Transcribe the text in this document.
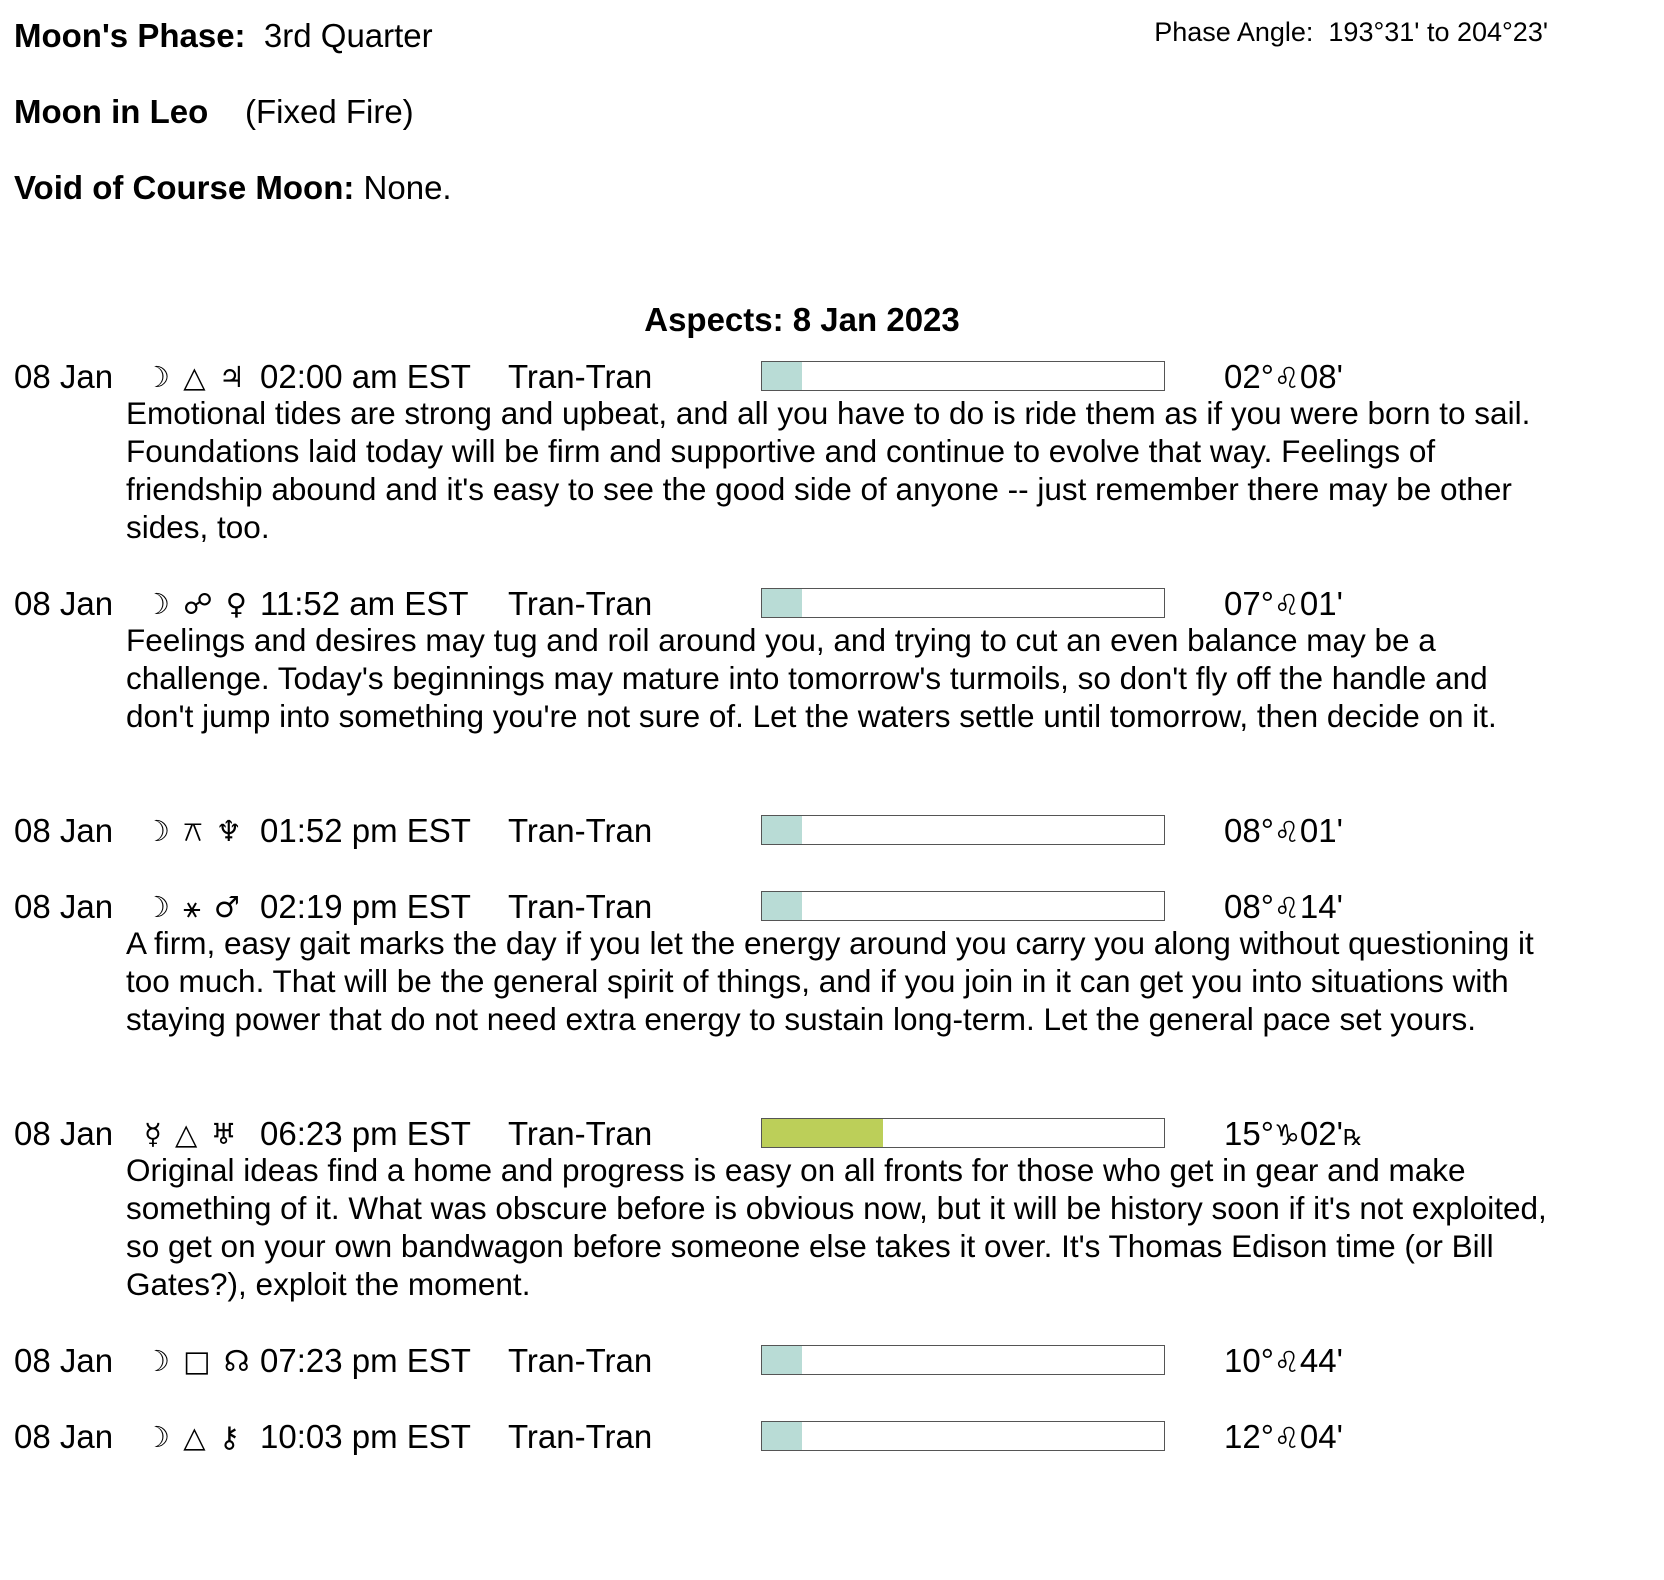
Moon's Phase: 3rd Quarter	Phase Angle: 193°31' to 204°23'
Moon in Leo (Fixed Fire)
Void of Course Moon: None.
Aspects: 8 Jan 2023
08 Jan ☽ △ ♃ 02:00 am EST Tran-Tran	02°♌08'
Emotional tides are strong and upbeat, and all you have to do is ride them as if you were born to sail. Foundations laid today will be firm and supportive and continue to evolve that way. Feelings of friendship abound and it's easy to see the good side of anyone -- just remember there may be other sides, too.
08 Jan ☽ ☍ ♀ 11:52 am EST Tran-Tran	07°♌01'
Feelings and desires may tug and roil around you, and trying to cut an even balance may be a challenge. Today's beginnings may mature into tomorrow's turmoils, so don't fly off the handle and don't jump into something you're not sure of. Let the waters settle until tomorrow, then decide on it.
08 Jan ☽ ⚻ ♆ 01:52 pm EST Tran-Tran	08°♌01'
08 Jan ☽ ⚹ ♂ 02:19 pm EST Tran-Tran	08°♌14'
A firm, easy gait marks the day if you let the energy around you carry you along without questioning it too much. That will be the general spirit of things, and if you join in it can get you into situations with staying power that do not need extra energy to sustain long-term. Let the general pace set yours.
08 Jan ☿ △ ♅ 06:23 pm EST Tran-Tran	15°♑02'℞
Original ideas find a home and progress is easy on all fronts for those who get in gear and make something of it. What was obscure before is obvious now, but it will be history soon if it's not exploited, so get on your own bandwagon before someone else takes it over. It's Thomas Edison time (or Bill Gates?), exploit the moment.
08 Jan ☽ □ ☊ 07:23 pm EST Tran-Tran	10°♌44'
08 Jan ☽ △ ⚷ 10:03 pm EST Tran-Tran	12°♌04'
